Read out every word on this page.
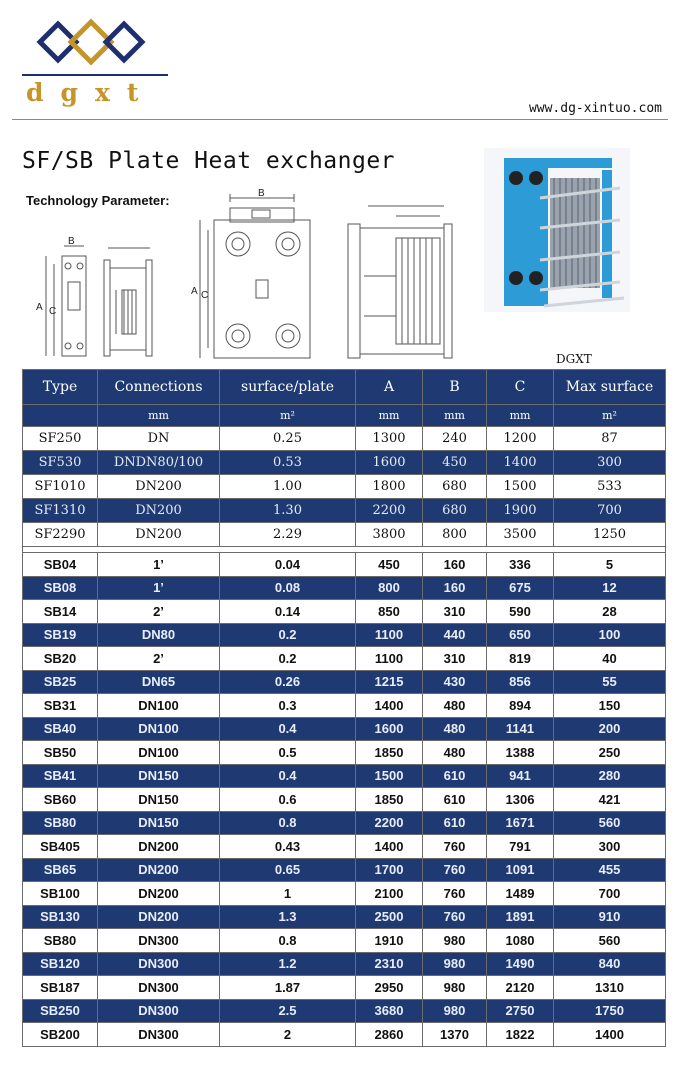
dgxt
www.dg-xintuo.com
SF/SB Plate Heat exchanger
Technology Parameter:
B
A C
B
A C
DGXT
Type	Connections	surface/plate	A	B	C	Max surface
	mm	m²	mm	mm	mm	m²
SF250	DN	0.25	1300	240	1200	87
SF530	DNDN80/100	0.53	1600	450	1400	300
SF1010	DN200	1.00	1800	680	1500	533
SF1310	DN200	1.30	2200	680	1900	700
SF2290	DN200	2.29	3800	800	3500	1250

SB04	1’	0.04	450	160	336	5
SB08	1’	0.08	800	160	675	12
SB14	2’	0.14	850	310	590	28
SB19	DN80	0.2	1100	440	650	100
SB20	2’	0.2	1100	310	819	40
SB25	DN65	0.26	1215	430	856	55
SB31	DN100	0.3	1400	480	894	150
SB40	DN100	0.4	1600	480	1141	200
SB50	DN100	0.5	1850	480	1388	250
SB41	DN150	0.4	1500	610	941	280
SB60	DN150	0.6	1850	610	1306	421
SB80	DN150	0.8	2200	610	1671	560
SB405	DN200	0.43	1400	760	791	300
SB65	DN200	0.65	1700	760	1091	455
SB100	DN200	1	2100	760	1489	700
SB130	DN200	1.3	2500	760	1891	910
SB80	DN300	0.8	1910	980	1080	560
SB120	DN300	1.2	2310	980	1490	840
SB187	DN300	1.87	2950	980	2120	1310
SB250	DN300	2.5	3680	980	2750	1750
SB200	DN300	2	2860	1370	1822	1400
